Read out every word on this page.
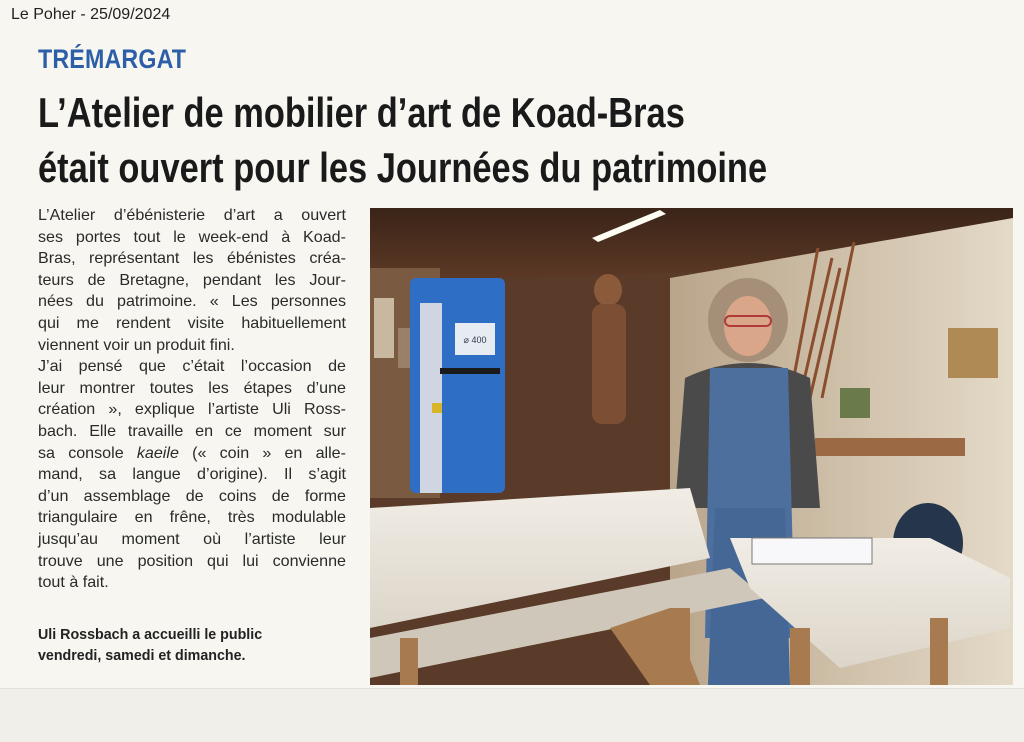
Le Poher - 25/09/2024
TRÉMARGAT
L’Atelier de mobilier d’art de Koad-Bras
était ouvert pour les Journées du patrimoine
L’Atelier d’ébénisterie d’art a ouvert
ses portes tout le week-end à Koad-
Bras, représentant les ébénistes créa-
teurs de Bretagne, pendant les Jour-
nées du patrimoine. « Les personnes
qui me rendent visite habituellement
viennent voir un produit fini.
J’ai pensé que c’était l’occasion de
leur montrer toutes les étapes d’une
création », explique l’artiste Uli Ross-
bach. Elle travaille en ce moment sur
sa console kaeile (« coin » en alle-
mand, sa langue d’origine). Il s’agit
d’un assemblage de coins de forme
triangulaire en frêne, très modulable
jusqu’au moment où l’artiste leur
trouve une position qui lui convienne
tout à fait.
Uli Rossbach a accueilli le public
vendredi, samedi et dimanche.
⌀ 400
